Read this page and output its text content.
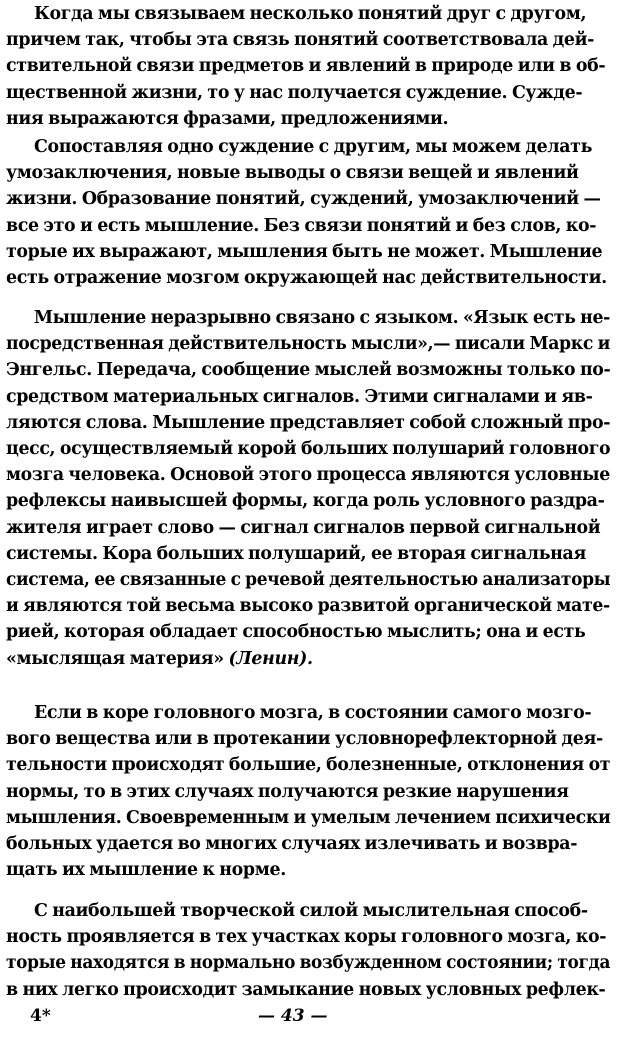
Когда мы связываем несколько понятий друг с другом,
причем так, чтобы эта связь понятий соответствовала дей-
ствительной связи предметов и явлений в природе или в об-
щественной жизни, то у нас получается суждение. Сужде-
ния выражаются фразами, предложениями.
Сопоставляя одно суждение с другим, мы можем делать
умозаключения, новые выводы о связи вещей и явлений
жизни. Образование понятий, суждений, умозаключений —
все это и есть мышление. Без связи понятий и без слов, ко-
торые их выражают, мышления быть не может. Мышление
есть отражение мозгом окружающей нас действительности.
Мышление неразрывно связано с языком. «Язык есть не-
посредственная действительность мысли»,— писали Маркс и
Энгельс. Передача, сообщение мыслей возможны только по-
средством материальных сигналов. Этими сигналами и яв-
ляются слова. Мышление представляет собой сложный про-
цесс, осуществляемый корой больших полушарий головного
мозга человека. Основой этого процесса являются условные
рефлексы наивысшей формы, когда роль условного раздра-
жителя играет слово — сигнал сигналов первой сигнальной
системы. Кора больших полушарий, ее вторая сигнальная
система, ее связанные с речевой деятельностью анализаторы
и являются той весьма высоко развитой органической мате-
рией, которая обладает способностью мыслить; она и есть
«мыслящая материя» (Ленин).
Если в коре головного мозга, в состоянии самого мозго-
вого вещества или в протекании условнорефлекторной дея-
тельности происходят большие, болезненные, отклонения от
нормы, то в этих случаях получаются резкие нарушения
мышления. Своевременным и умелым лечением психически
больных удается во многих случаях излечивать и возвра-
щать их мышление к норме.
С наибольшей творческой силой мыслительная способ-
ность проявляется в тех участках коры головного мозга, ко-
торые находятся в нормально возбужденном состоянии; тогда
в них легко происходит замыкание новых условных рефлек-
4*	— 43 —
